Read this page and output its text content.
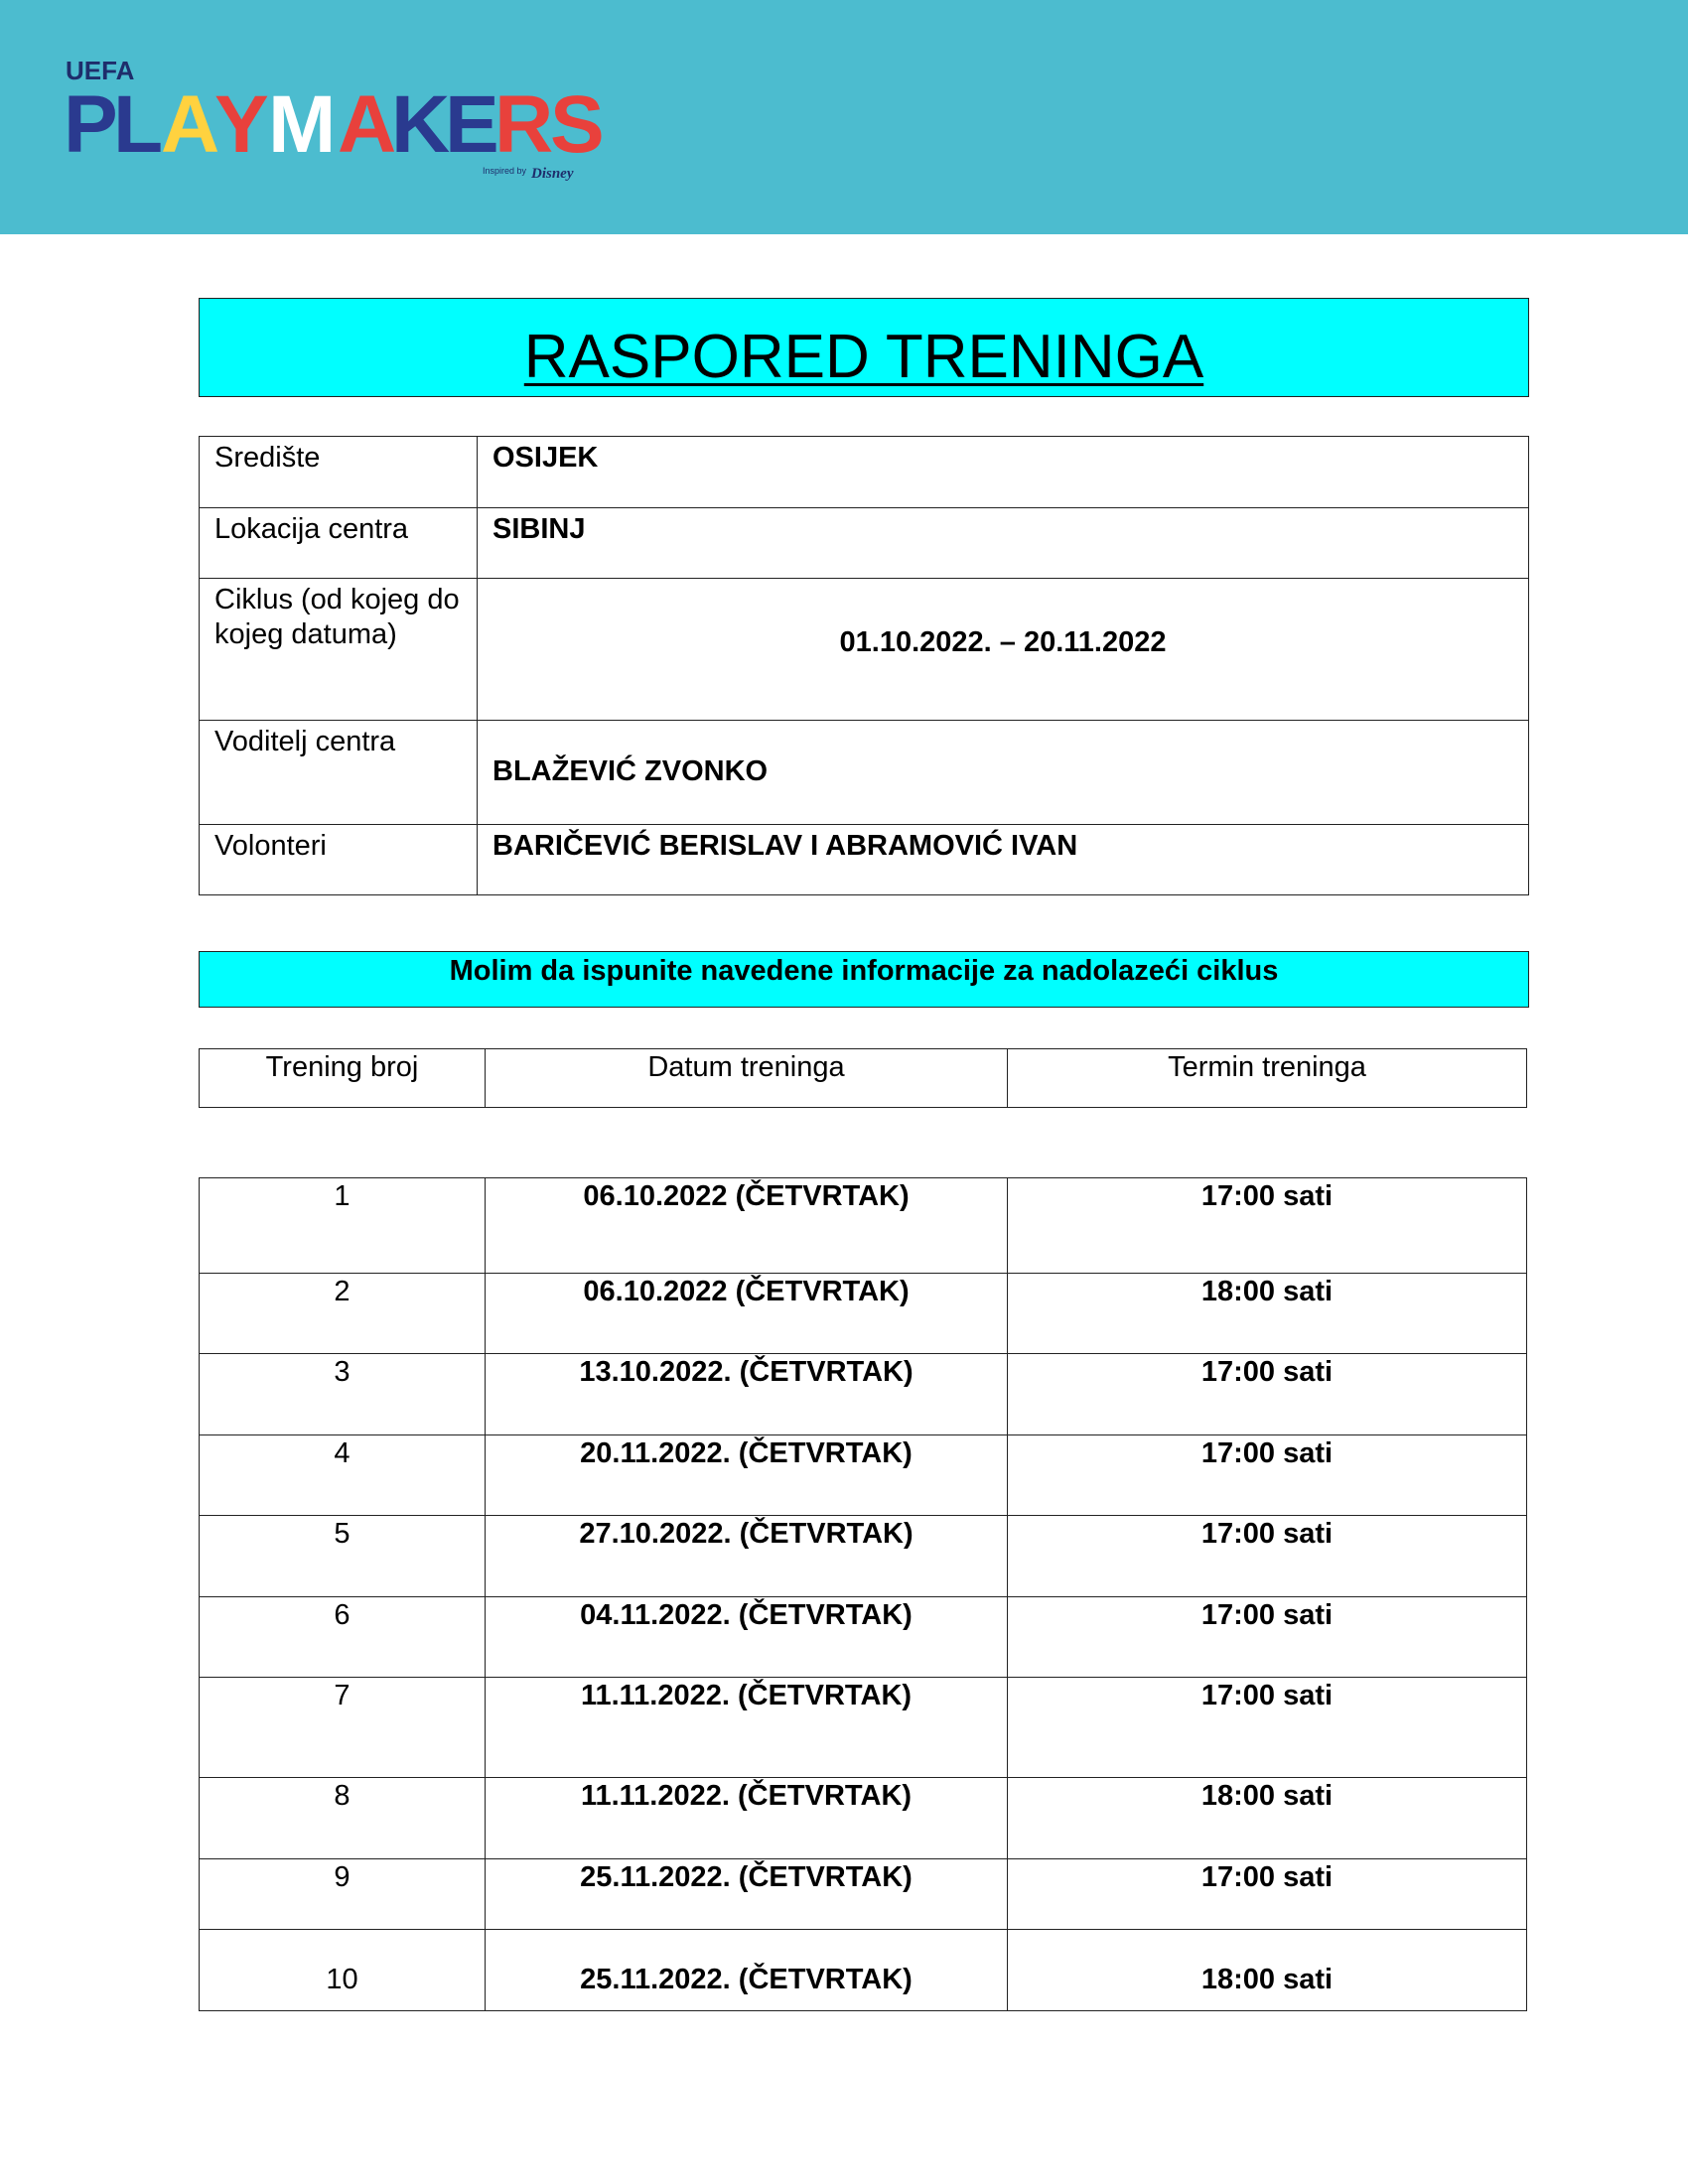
UEFA
P
L
A
Y M A
K
E
R
S
Inspired by Disney
RASPORED TRENINGA
Središte	OSIJEK
Lokacija centra	SIBINJ
Ciklus (od kojeg do kojeg datuma)	01.10.2022. – 20.11.2022
Voditelj centra	BLAŽEVIĆ ZVONKO
Volonteri	BARIČEVIĆ BERISLAV I ABRAMOVIĆ IVAN
Molim da ispunite navedene informacije za nadolazeći ciklus
Trening broj	Datum treninga	Termin treninga
1	06.10.2022 (ČETVRTAK)	17:00 sati
2	06.10.2022 (ČETVRTAK)	18:00 sati
3	13.10.2022. (ČETVRTAK)	17:00 sati
4	20.11.2022. (ČETVRTAK)	17:00 sati
5	27.10.2022. (ČETVRTAK)	17:00 sati
6	04.11.2022. (ČETVRTAK)	17:00 sati
7	11.11.2022. (ČETVRTAK)	17:00 sati
8	11.11.2022. (ČETVRTAK)	18:00 sati
9	25.11.2022. (ČETVRTAK)	17:00 sati
10	25.11.2022. (ČETVRTAK)	18:00 sati
